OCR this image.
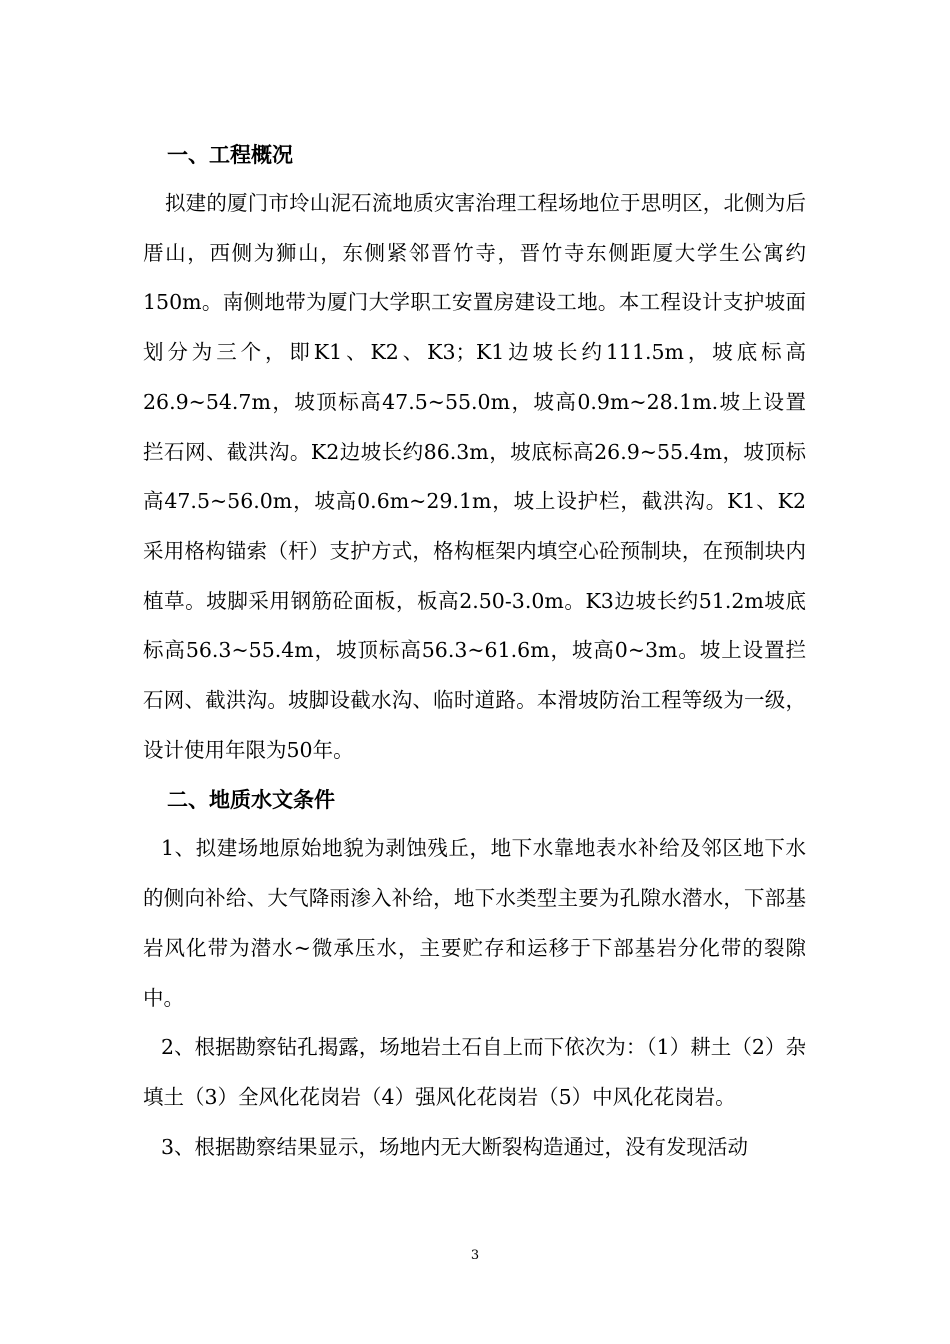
一、工程概况

拟建的厦门市坽山泥石流地质灾害治理工程场地位于思明区，北侧为后厝山，西侧为狮山，东侧紧邻晋竹寺，晋竹寺东侧距厦大学生公寓约150m。南侧地带为厦门大学职工安置房建设工地。本工程设计支护坡面划分为三个，即K1、K2、K3；K1边坡长约111.5m，坡底标高26.9~54.7m，坡顶标高47.5~55.0m，坡高0.9m~28.1m.坡上设置拦石网、截洪沟。K2边坡长约86.3m，坡底标高26.9~55.4m，坡顶标高47.5~56.0m，坡高0.6m~29.1m，坡上设护栏，截洪沟。K1、K2采用格构锚索（杆）支护方式，格构框架内填空心砼预制块，在预制块内植草。坡脚采用钢筋砼面板，板高2.50-3.0m。K3边坡长约51.2m坡底标高56.3~55.4m，坡顶标高56.3~61.6m，坡高0~3m。坡上设置拦石网、截洪沟。坡脚设截水沟、临时道路。本滑坡防治工程等级为一级，设计使用年限为50年。

二、地质水文条件

1、拟建场地原始地貌为剥蚀残丘，地下水靠地表水补给及邻区地下水的侧向补给、大气降雨渗入补给，地下水类型主要为孔隙水潜水，下部基岩风化带为潜水~微承压水，主要贮存和运移于下部基岩分化带的裂隙中。

2、根据勘察钻孔揭露，场地岩土石自上而下依次为：（1）耕土（2）杂填土（3）全风化花岗岩（4）强风化花岗岩（5）中风化花岗岩。

3、根据勘察结果显示，场地内无大断裂构造通过，没有发现活动

3
